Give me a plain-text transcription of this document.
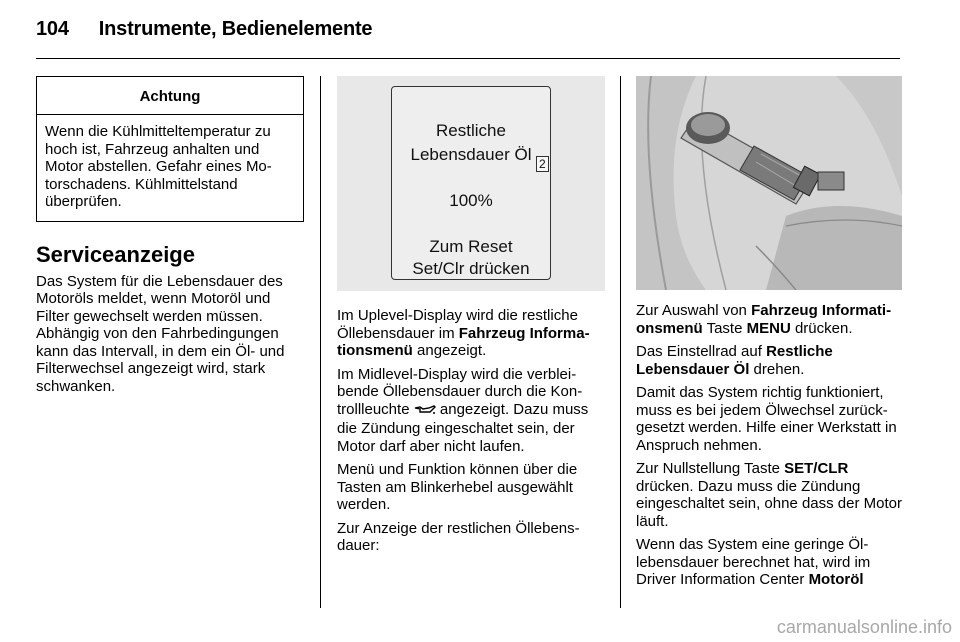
104 Instrumente, Bedienelemente
Achtung
Wenn die Kühlmitteltemperatur zu hoch ist, Fahrzeug anhalten und Motor abstellen. Gefahr eines Motorschadens. Kühlmittelstand überprüfen.
Serviceanzeige

Das System für die Lebensdauer des Motoröls meldet, wenn Motoröl und Filter gewechselt werden müssen. Abhängig von den Fahrbedingungen kann das Intervall, in dem ein Öl- und Filterwechsel angezeigt wird, stark schwanken.

Restliche
Lebensdauer Öl 2
100%
Zum Reset
Set/Clr drücken

Im Uplevel-Display wird die restliche Öllebensdauer im Fahrzeug Informationsmenü angezeigt.

Im Midlevel-Display wird die verbleibende Öllebensdauer durch die Kontrollleuchte  angezeigt. Dazu muss die Zündung eingeschaltet sein, der Motor darf aber nicht laufen.

Menü und Funktion können über die Tasten am Blinkerhebel ausgewählt werden.

Zur Anzeige der restlichen Öllebensdauer:

Zur Auswahl von Fahrzeug Informationsmenü Taste MENU drücken.

Das Einstellrad auf Restliche Lebensdauer Öl drehen.

Damit das System richtig funktioniert, muss es bei jedem Ölwechsel zurückgesetzt werden. Hilfe einer Werkstatt in Anspruch nehmen.

Zur Nullstellung Taste SET/CLR drücken. Dazu muss die Zündung eingeschaltet sein, ohne dass der Motor läuft.

Wenn das System eine geringe Öllebensdauer berechnet hat, wird im Driver Information Center Motoröl

carmanualsonline.info
